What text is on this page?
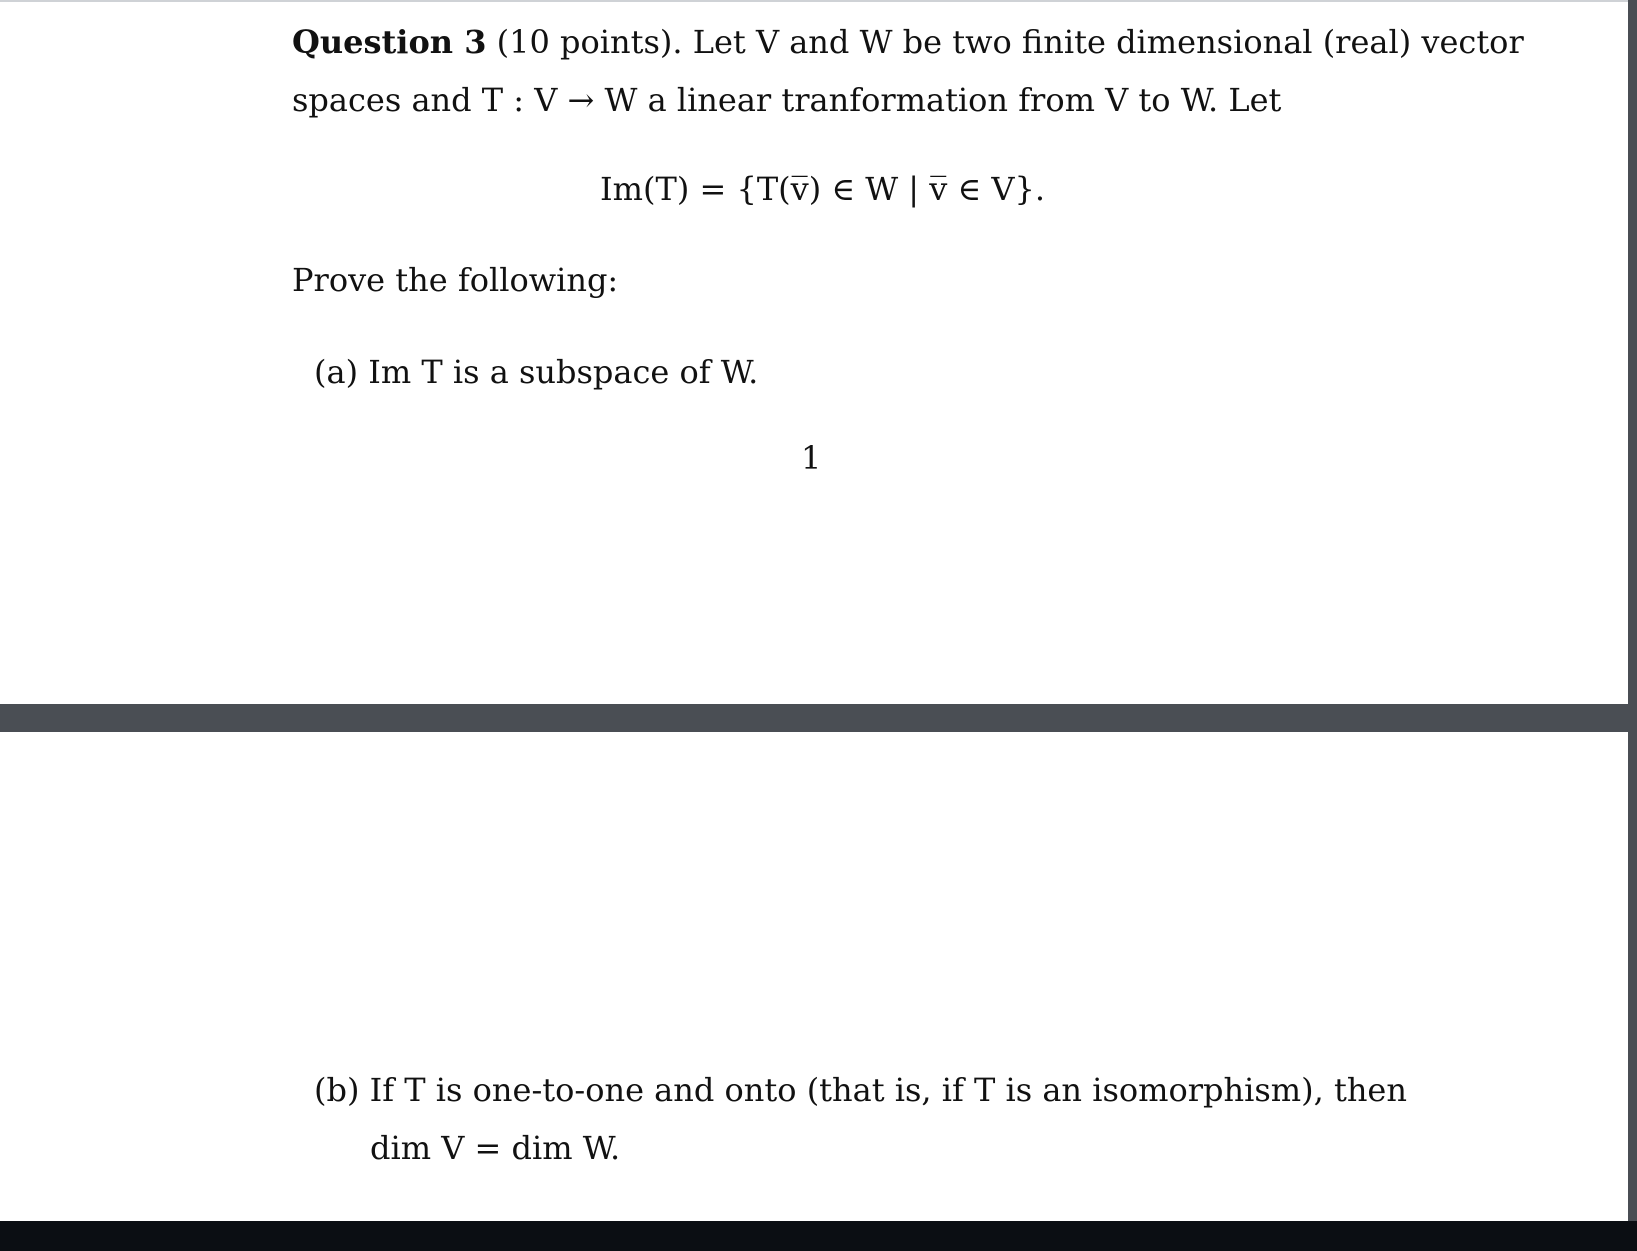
Question 3 (10 points). Let V and W be two finite dimensional (real) vector
spaces and T : V → W a linear tranformation from V to W. Let
Im(T) = {T(v̅) ∈ W | v̅ ∈ V}.
Prove the following:
(a) Im T is a subspace of W.
1
(b) If T is one-to-one and onto (that is, if T is an isomorphism), then
dim V = dim W.
